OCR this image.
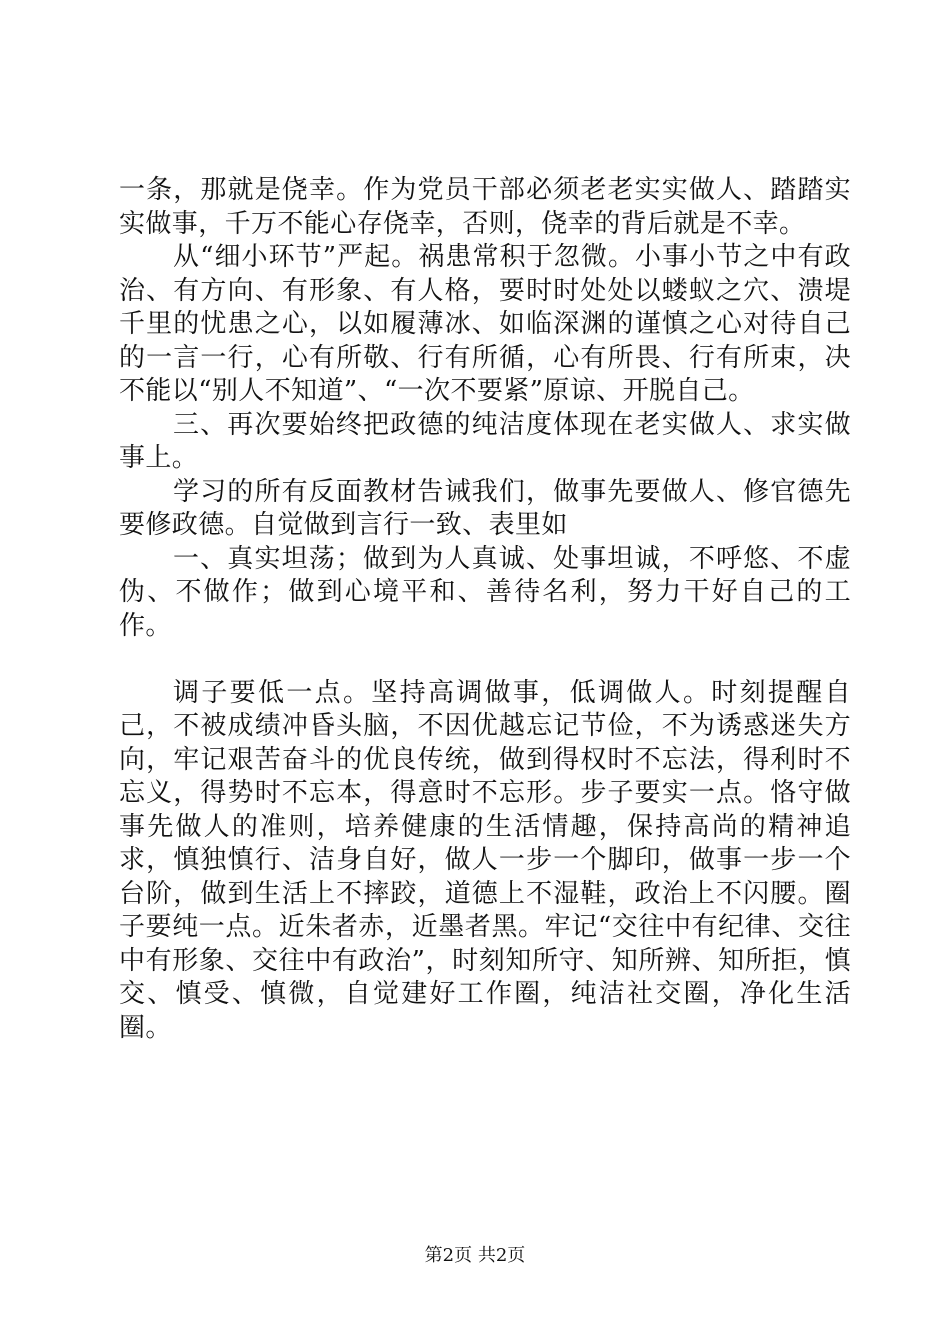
一条，那就是侥幸。作为党员干部必须老老实实做人、踏踏实实做事，千万不能心存侥幸，否则，侥幸的背后就是不幸。

从“细小环节”严起。祸患常积于忽微。小事小节之中有政治、有方向、有形象、有人格，要时时处处以蝼蚁之穴、溃堤千里的忧患之心，以如履薄冰、如临深渊的谨慎之心对待自己的一言一行，心有所敬、行有所循，心有所畏、行有所束，决不能以“别人不知道”、“一次不要紧”原谅、开脱自己。

三、再次要始终把政德的纯洁度体现在老实做人、求实做事上。

学习的所有反面教材告诫我们，做事先要做人、修官德先要修政德。自觉做到言行一致、表里如

一、真实坦荡；做到为人真诚、处事坦诚，不呼悠、不虚伪、不做作；做到心境平和、善待名利，努力干好自己的工作。

调子要低一点。坚持高调做事，低调做人。时刻提醒自己，不被成绩冲昏头脑，不因优越忘记节俭，不为诱惑迷失方向，牢记艰苦奋斗的优良传统，做到得权时不忘法，得利时不忘义，得势时不忘本，得意时不忘形。步子要实一点。恪守做事先做人的准则，培养健康的生活情趣，保持高尚的精神追求，慎独慎行、洁身自好，做人一步一个脚印，做事一步一个台阶，做到生活上不摔跤，道德上不湿鞋，政治上不闪腰。圈子要纯一点。近朱者赤，近墨者黑。牢记“交往中有纪律、交往中有形象、交往中有政治”，时刻知所守、知所辨、知所拒，慎交、慎受、慎微，自觉建好工作圈，纯洁社交圈，净化生活圈。

第2页 共2页
